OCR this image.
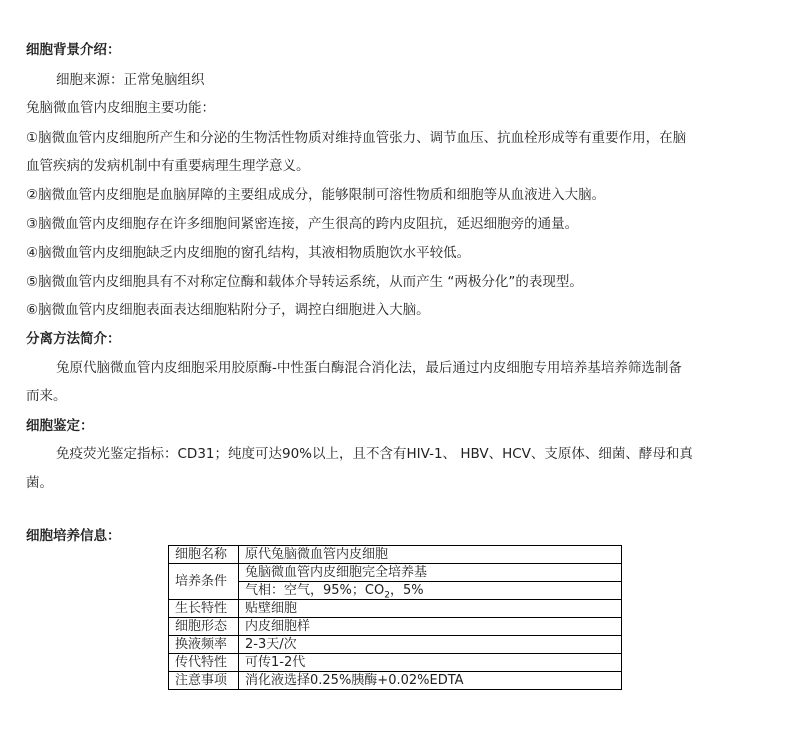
细胞背景介绍：

细胞来源：正常兔脑组织

兔脑微血管内皮细胞主要功能：

①脑微血管内皮细胞所产生和分泌的生物活性物质对维持血管张力、调节血压、抗血栓形成等有重要作用，在脑

血管疾病的发病机制中有重要病理生理学意义。

②脑微血管内皮细胞是血脑屏障的主要组成成分，能够限制可溶性物质和细胞等从血液进入大脑。

③脑微血管内皮细胞存在许多细胞间紧密连接，产生很高的跨内皮阻抗，延迟细胞旁的通量。

④脑微血管内皮细胞缺乏内皮细胞的窗孔结构，其液相物质胞饮水平较低。

⑤脑微血管内皮细胞具有不对称定位酶和载体介导转运系统，从而产生 “两极分化”的表现型。

⑥脑微血管内皮细胞表面表达细胞粘附分子，调控白细胞进入大脑。

分离方法简介：

兔原代脑微血管内皮细胞采用胶原酶-中性蛋白酶混合消化法，最后通过内皮细胞专用培养基培养筛选制备

而来。

细胞鉴定：

免疫荧光鉴定指标：CD31；纯度可达90%以上，且不含有HIV-1、 HBV、HCV、支原体、细菌、酵母和真

菌。

细胞培养信息：

细胞名称	原代兔脑微血管内皮细胞
培养条件	兔脑微血管内皮细胞完全培养基
	气相：空气，95%；$CO_2$，5%
生长特性	贴壁细胞
细胞形态	内皮细胞样
换液频率	2-3天/次
传代特性	可传1-2代
注意事项	消化液选择0.25%胰酶+0.02%EDTA
